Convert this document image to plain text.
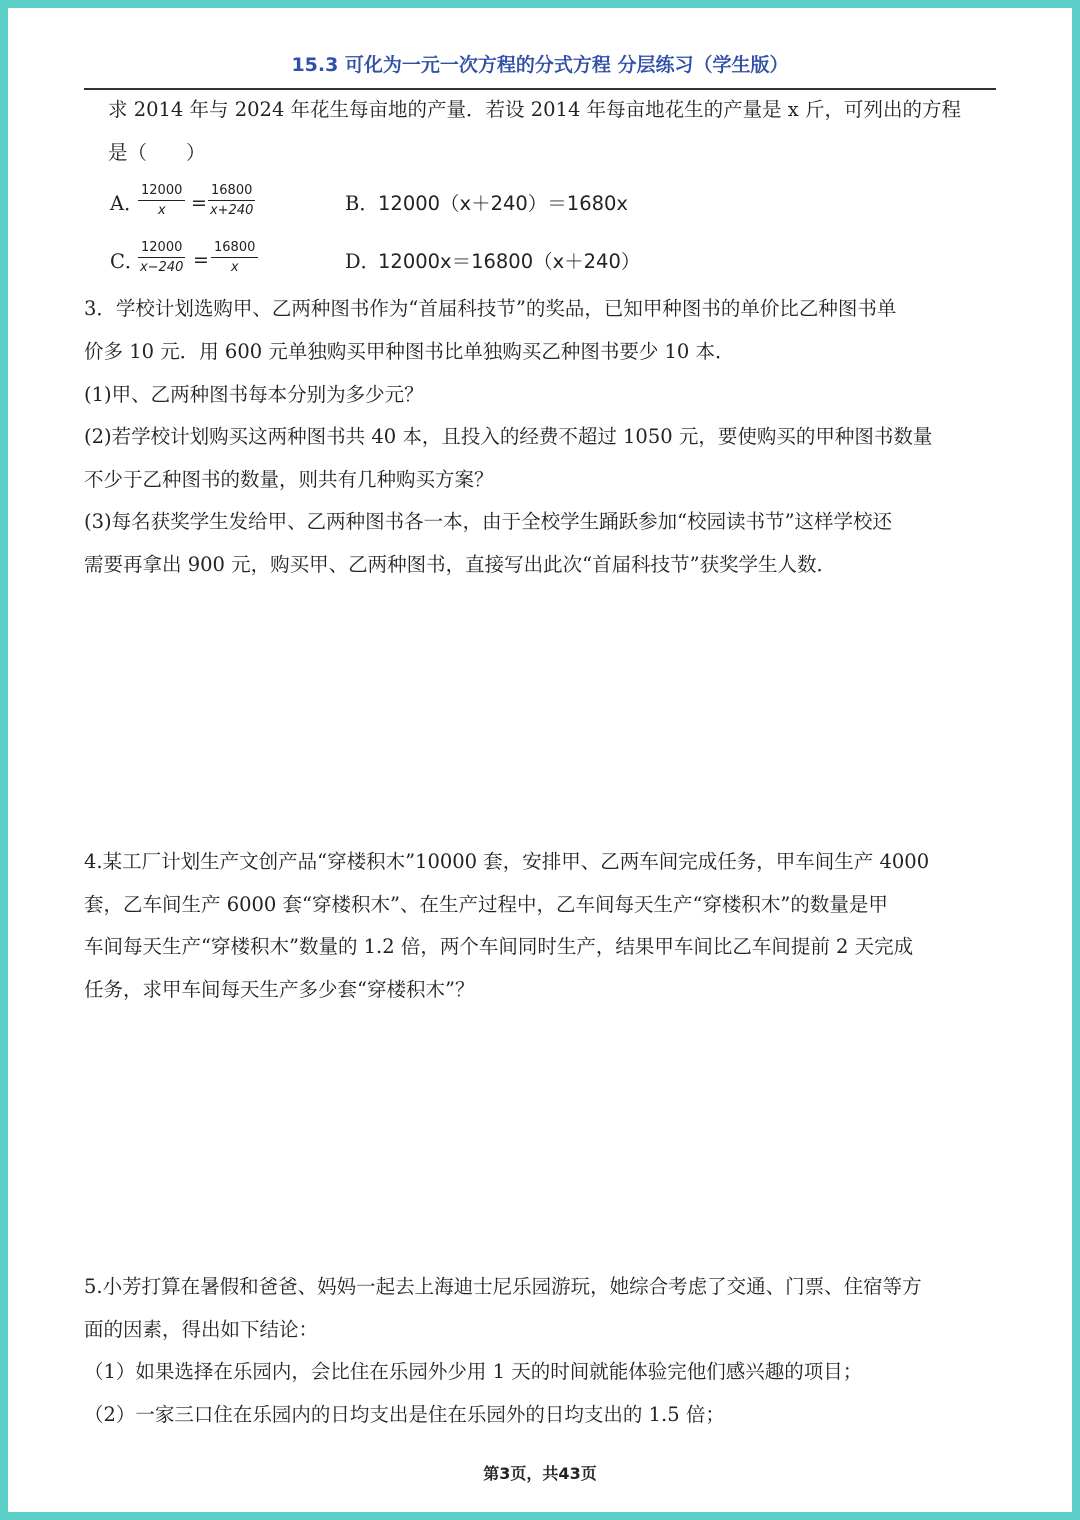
15.3 可化为一元一次方程的分式方程 分层练习（学生版）
求 2014 年与 2024 年花生每亩地的产量．若设 2014 年每亩地花生的产量是 x 斤，可列出的方程
是（　　）
A．
$\frac{12000}{x} = \frac{16800}{x+240}$	B． 12000（x＋240）＝1680x
C．
$\frac{12000}{x-240} = \frac{16800}{x}$	D．
12000x＝16800（x＋240）
3．学校计划选购甲、乙两种图书作为“首届科技节”的奖品，已知甲种图书的单价比乙种图书单
价多 10 元．用 600 元单独购买甲种图书比单独购买乙种图书要少 10 本．
(1)甲、乙两种图书每本分别为多少元？
(2)若学校计划购买这两种图书共 40 本，且投入的经费不超过 1050 元，要使购买的甲种图书数量
不少于乙种图书的数量，则共有几种购买方案？
(3)每名获奖学生发给甲、乙两种图书各一本，由于全校学生踊跃参加“校园读书节”这样学校还
需要再拿出 900 元，购买甲、乙两种图书，直接写出此次“首届科技节”获奖学生人数．
4.某工厂计划生产文创产品“穿楼积木”10000 套，安排甲、乙两车间完成任务，甲车间生产 4000
套，乙车间生产 6000 套“穿楼积木”、在生产过程中，乙车间每天生产“穿楼积木”的数量是甲
车间每天生产“穿楼积木”数量的 1.2 倍，两个车间同时生产，结果甲车间比乙车间提前 2 天完成
任务，求甲车间每天生产多少套“穿楼积木”？
5.小芳打算在暑假和爸爸、妈妈一起去上海迪士尼乐园游玩，她综合考虑了交通、门票、住宿等方
面的因素，得出如下结论：
（1）如果选择在乐园内，会比住在乐园外少用 1 天的时间就能体验完他们感兴趣的项目；
（2）一家三口住在乐园内的日均支出是住在乐园外的日均支出的 1.5 倍；
第3页，共43页
